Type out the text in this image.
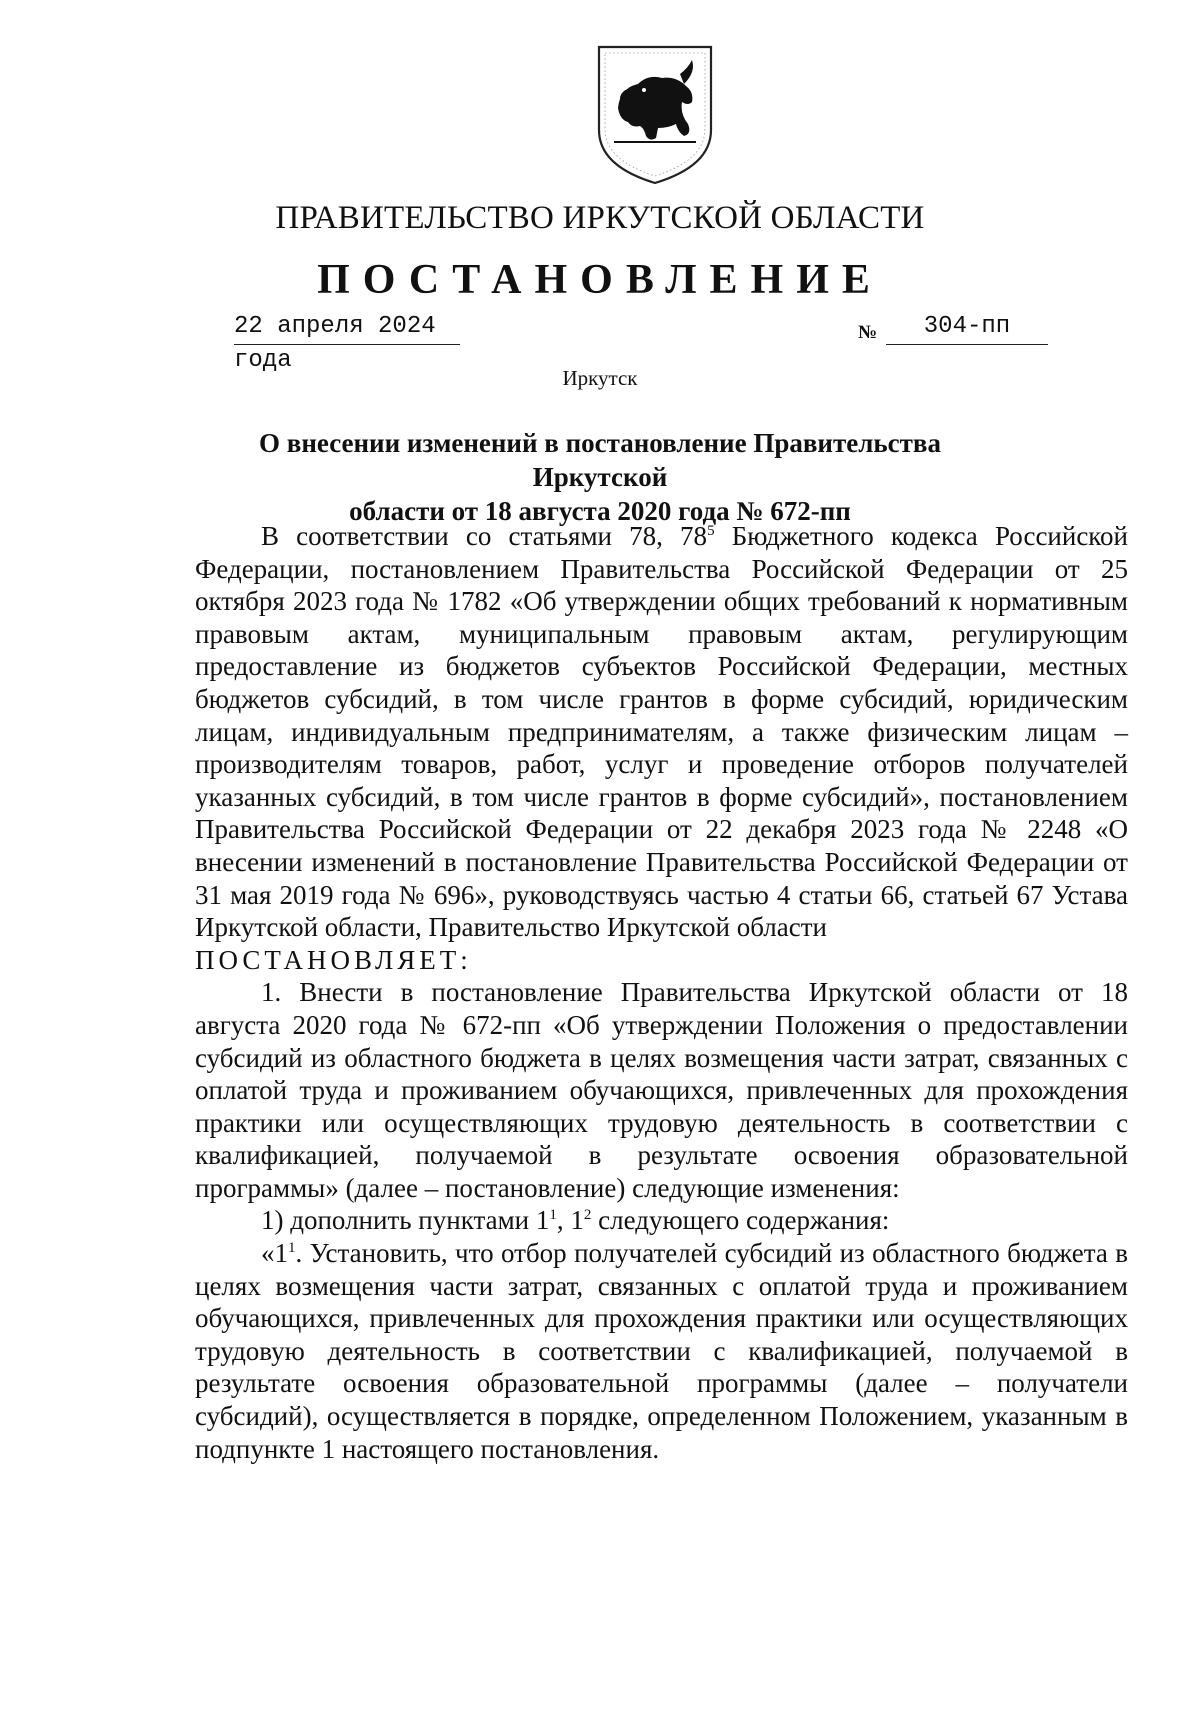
ПРАВИТЕЛЬСТВО ИРКУТСКОЙ ОБЛАСТИ
ПОСТАНОВЛЕНИЕ
22 апреля 2024 года
№	304-пп
Иркутск
О внесении изменений в постановление Правительства Иркутской
области от 18 августа 2020 года № 672-пп

В соответствии со статьями 78, $78^5$ Бюджетного кодекса Российской Федерации, постановлением Правительства Российской Федерации от 25 октября 2023 года № 1782 «Об утверждении общих требований к нормативным правовым актам, муниципальным правовым актам, регулирующим предоставление из бюджетов субъектов Российской Федерации, местных бюджетов субсидий, в том числе грантов в форме субсидий, юридическим лицам, индивидуальным предпринимателям, а также физическим лицам – производителям товаров, работ, услуг и проведение отборов получателей указанных субсидий, в том числе грантов в форме субсидий», постановлением Правительства Российской Федерации от 22 декабря 2023 года № 2248 «О внесении изменений в постановление Правительства Российской Федерации от 31 мая 2019 года № 696», руководствуясь частью 4 статьи 66, статьей 67 Устава Иркутской области, Правительство Иркутской области

ПОСТАНОВЛЯЕТ:

1. Внести в постановление Правительства Иркутской области от 18 августа 2020 года № 672-пп «Об утверждении Положения о предоставлении субсидий из областного бюджета в целях возмещения части затрат, связанных с оплатой труда и проживанием обучающихся, привлеченных для прохождения практики или осуществляющих трудовую деятельность в соответствии с квалификацией, получаемой в результате освоения образовательной программы» (далее – постановление) следующие изменения:

1) дополнить пунктами $1^1$, $1^2$ следующего содержания:

«$1^1$. Установить, что отбор получателей субсидий из областного бюджета в целях возмещения части затрат, связанных с оплатой труда и проживанием обучающихся, привлеченных для прохождения практики или осуществляющих трудовую деятельность в соответствии с квалификацией, получаемой в результате освоения образовательной программы (далее – получатели субсидий), осуществляется в порядке, определенном Положением, указанным в подпункте 1 настоящего постановления.
